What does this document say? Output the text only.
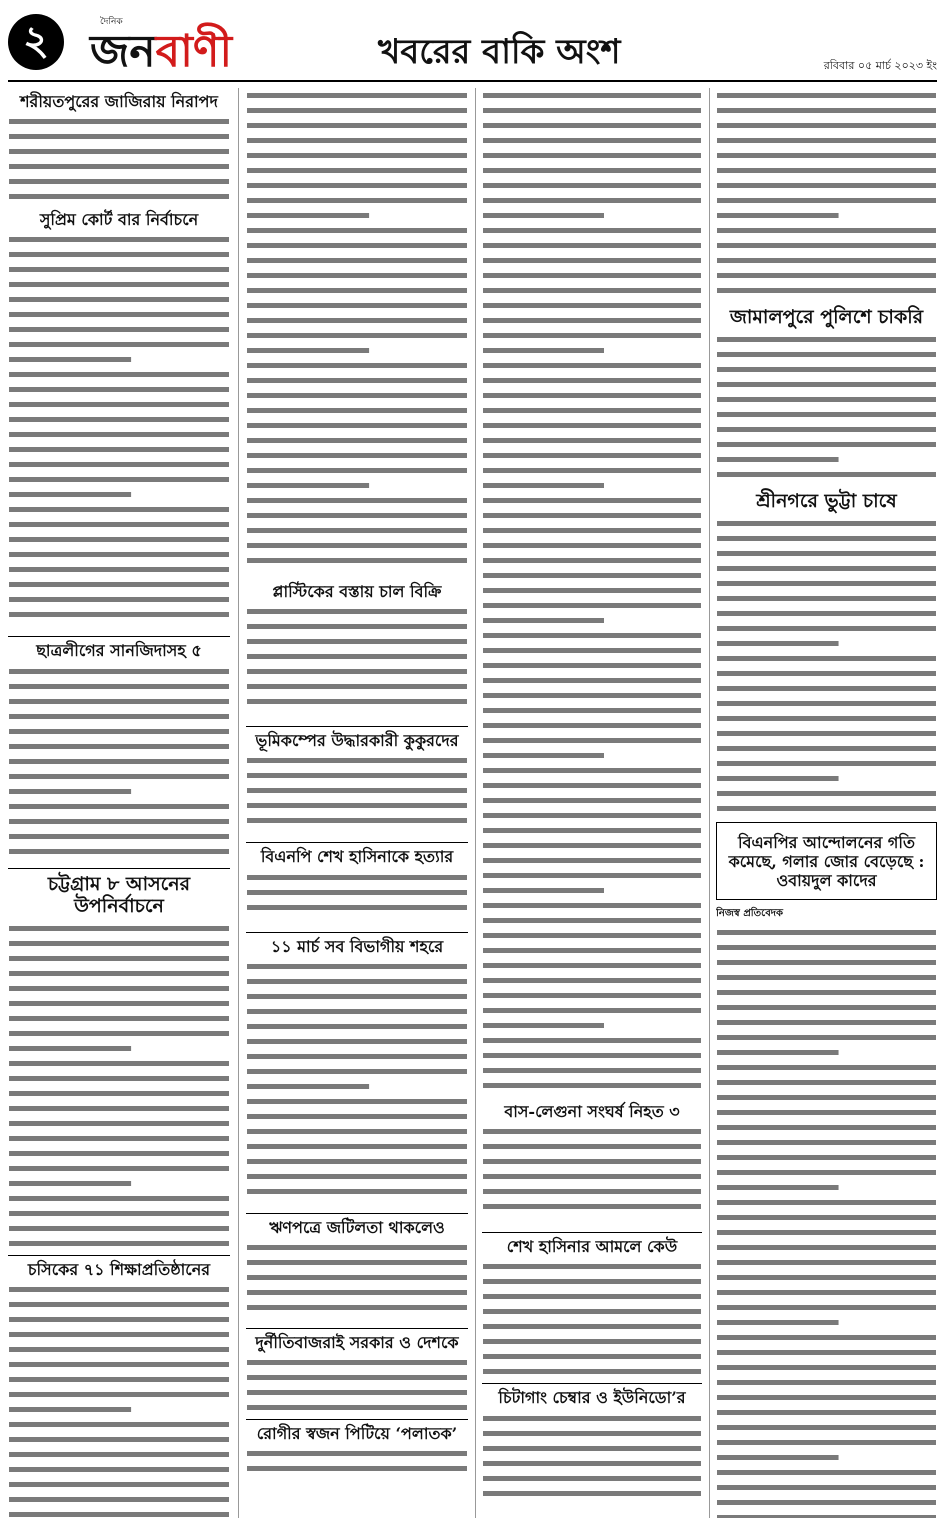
২	দৈনিক
জনবাণী	খবরের বাকি অংশ	রবিবার ০৫ মার্চ ২০২৩ ইং
শরীয়তপুরের জাজিরায় নিরাপদ
সুপ্রিম কোর্ট বার নির্বাচনে
ছাত্রলীগের সানজিদাসহ ৫
চট্টগ্রাম ৮ আসনের উপনির্বাচনে
চসিকের ৭১ শিক্ষাপ্রতিষ্ঠানের
প্লাস্টিকের বস্তায় চাল বিক্রি
ভূমিকম্পের উদ্ধারকারী কুকুরদের
বিএনপি শেখ হাসিনাকে হত্যার
১১ মার্চ সব বিভাগীয় শহরে
ঋণপত্রে জটিলতা থাকলেও
দুর্নীতিবাজরাই সরকার ও দেশকে
রোগীর স্বজন পিটিয়ে ‘পলাতক’
বাস-লেগুনা সংঘর্ষ নিহত ৩
শেখ হাসিনার আমলে কেউ
চিটাগাং চেম্বার ও ইউনিডো’র
জামালপুরে পুলিশে চাকরি
শ্রীনগরে ভুট্টা চাষে
বিএনপির আন্দোলনের গতি কমেছে, গলার জোর বেড়েছে : ওবায়দুল কাদের
নিজস্ব প্রতিবেদক
